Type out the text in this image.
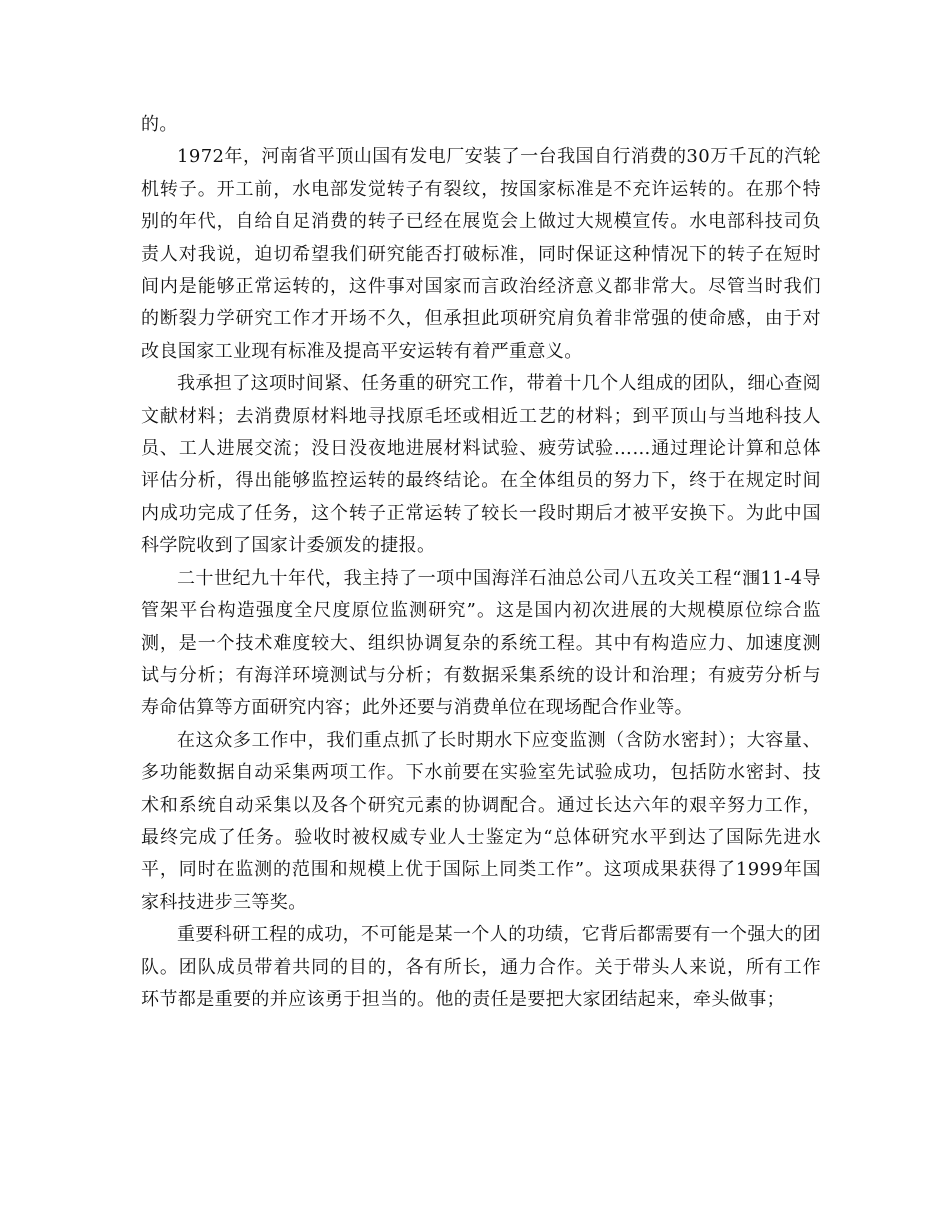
的。

1972年，河南省平顶山国有发电厂安装了一台我国自行消费的30万千瓦的汽轮机转子。开工前，水电部发觉转子有裂纹，按国家标准是不充许运转的。在那个特别的年代，自给自足消费的转子已经在展览会上做过大规模宣传。水电部科技司负责人对我说，迫切希望我们研究能否打破标准，同时保证这种情况下的转子在短时间内是能够正常运转的，这件事对国家而言政治经济意义都非常大。尽管当时我们的断裂力学研究工作才开场不久，但承担此项研究肩负着非常强的使命感，由于对改良国家工业现有标准及提高平安运转有着严重意义。

我承担了这项时间紧、任务重的研究工作，带着十几个人组成的团队，细心查阅文献材料；去消费原材料地寻找原毛坯或相近工艺的材料；到平顶山与当地科技人员、工人进展交流；没日没夜地进展材料试验、疲劳试验……通过理论计算和总体评估分析，得出能够监控运转的最终结论。在全体组员的努力下，终于在规定时间内成功完成了任务，这个转子正常运转了较长一段时期后才被平安换下。为此中国科学院收到了国家计委颁发的捷报。

二十世纪九十年代，我主持了一项中国海洋石油总公司八五攻关工程“涠11-4导管架平台构造强度全尺度原位监测研究”。这是国内初次进展的大规模原位综合监测，是一个技术难度较大、组织协调复杂的系统工程。其中有构造应力、加速度测试与分析；有海洋环境测试与分析；有数据采集系统的设计和治理；有疲劳分析与寿命估算等方面研究内容；此外还要与消费单位在现场配合作业等。

在这众多工作中，我们重点抓了长时期水下应变监测（含防水密封）；大容量、多功能数据自动采集两项工作。下水前要在实验室先试验成功，包括防水密封、技术和系统自动采集以及各个研究元素的协调配合。通过长达六年的艰辛努力工作，最终完成了任务。验收时被权威专业人士鉴定为“总体研究水平到达了国际先进水平，同时在监测的范围和规模上优于国际上同类工作”。这项成果获得了1999年国家科技进步三等奖。

重要科研工程的成功，不可能是某一个人的功绩，它背后都需要有一个强大的团队。团队成员带着共同的目的，各有所长，通力合作。关于带头人来说，所有工作环节都是重要的并应该勇于担当的。他的责任是要把大家团结起来，牵头做事；
